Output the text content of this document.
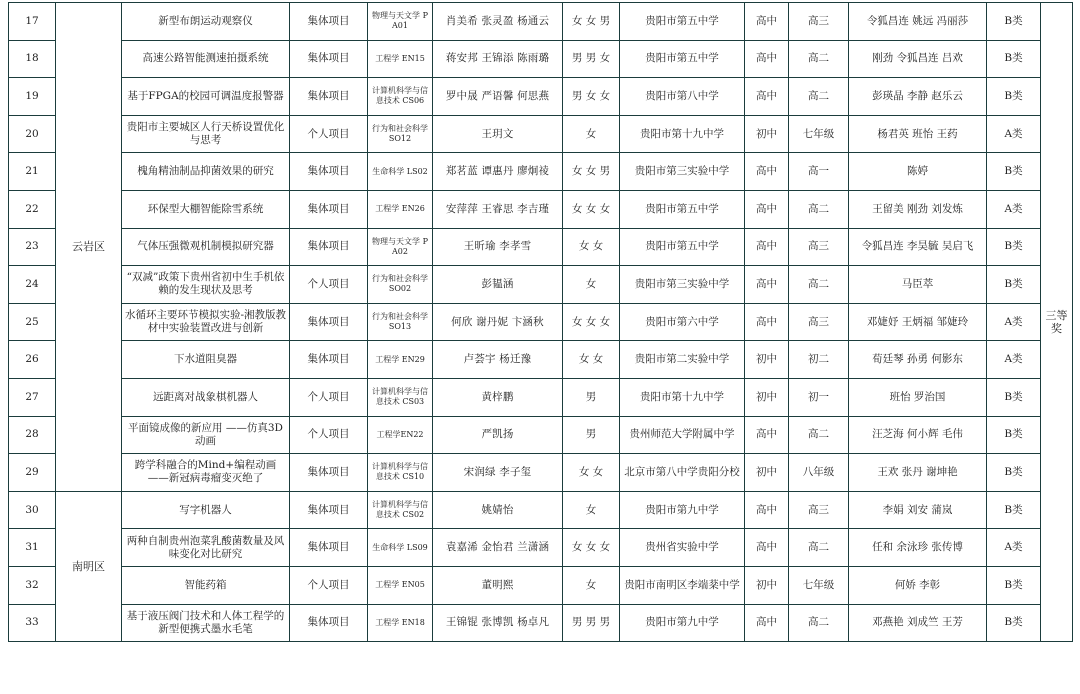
17	云岩区	新型布朗运动观察仪	集体项目	物理与天文学 PA01	肖美希 张灵盈 杨通云	女 女 男	贵阳市第五中学	高中	高三	令狐昌连 姚远 冯丽莎	B类	三等奖
18		高速公路智能测速拍摄系统	集体项目	工程学 EN15	蒋安邦 王锦添 陈雨璐	男 男 女	贵阳市第五中学	高中	高二	刚劲 令狐昌连 吕欢	B类	
19		基于FPGA的校园可调温度报警器	集体项目	计算机科学与信息技术 CS06	罗中晟 严语馨 何思燕	男 女 女	贵阳市第八中学	高中	高二	彭瑛晶 李静 赵乐云	B类	
20		贵阳市主要城区人行天桥设置优化与思考	个人项目	行为和社会科学 SO12	王玥文	女	贵阳市第十九中学	初中	七年级	杨君英 班怡 王药	A类	
21		槐角精油制品抑菌效果的研究	集体项目	生命科学 LS02	郑茗蓝 谭惠丹 廖炯祾	女 女 男	贵阳市第三实验中学	高中	高一	陈婷	B类	
22		环保型大棚智能除雪系统	集体项目	工程学 EN26	安萍萍 王睿思 李吉瑾	女 女 女	贵阳市第五中学	高中	高二	王留美 刚劲 刘发炼	A类	
23		气体压强微观机制模拟研究器	集体项目	物理与天文学 PA02	王昕瑜 李孝雪	女 女	贵阳市第五中学	高中	高三	令狐昌连 李昊毓 吴启飞	B类	
24		“双减”政策下贵州省初中生手机依赖的发生现状及思考	个人项目	行为和社会科学 SO02	彭韫涵	女	贵阳市第三实验中学	高中	高二	马臣萃	B类	
25		水循环主要环节模拟实验-湘教版教材中实验装置改进与创新	集体项目	行为和社会科学 SO13	何欣 谢丹妮 卞涵秋	女 女 女	贵阳市第六中学	高中	高三	邓婕妤 王炳福 邹婕玲	A类	
26		下水道阻臭器	集体项目	工程学 EN29	卢荟宇 杨迁豫	女 女	贵阳市第二实验中学	初中	初二	荀廷琴 孙勇 何影东	A类	
27		远距离对战象棋机器人	个人项目	计算机科学与信息技术 CS03	黄梓鹏	男	贵阳市第十九中学	初中	初一	班怡 罗治国	B类	
28		平面镜成像的新应用 ——仿真3D动画	个人项目	工程学EN22	严凯扬	男	贵州师范大学附属中学	高中	高二	汪芝海 何小辉 毛伟	B类	
29		跨学科融合的Mind+编程动画 ——新冠病毒瘤变灭绝了	集体项目	计算机科学与信息技术 CS10	宋润绿 李子玺	女 女	北京市第八中学贵阳分校	初中	八年级	王欢 张丹 谢坤艳	B类	
30	南明区	写字机器人	集体项目	计算机科学与信息技术 CS02	姚婧怡	女	贵阳市第九中学	高中	高三	李娟 刘安 蒲岚	B类	
31		两种自制贵州泡菜乳酸菌数量及风味变化对比研究	集体项目	生命科学 LS09	袁嘉浠 金怡君 兰潇涵	女 女 女	贵州省实验中学	高中	高二	任和 余泳珍 张传博	A类	
32		智能药箱	个人项目	工程学 EN05	董明熙	女	贵阳市南明区李端棻中学	初中	七年级	何娇 李彰	B类	
33		基于液压阀门技术和人体工程学的新型便携式墨水毛笔	集体项目	工程学 EN18	王锦锟 张博凯 杨卓凡	男 男 男	贵阳市第九中学	高中	高二	邓燕艳 刘成竺 王芳	B类	
